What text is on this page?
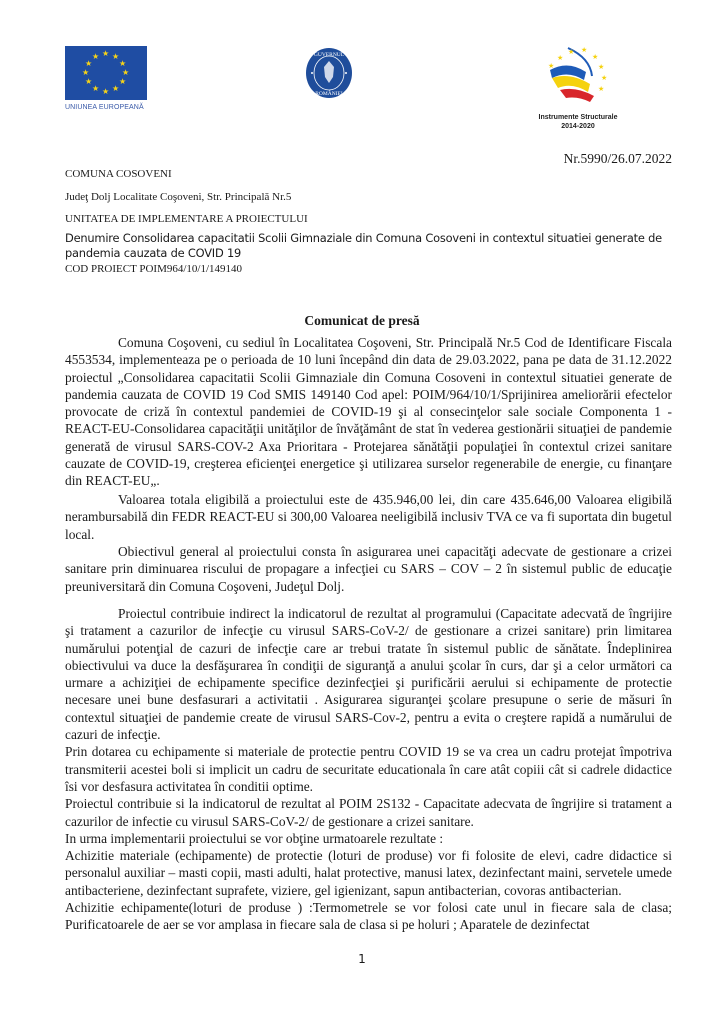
★ ★
★
★
★
★
★
★
★
★
★
★
UNIUNEA EUROPEANĂ
GUVERNUL
ROMÂNIEI
★ ★
★
★
★
★
★
★
Instrumente Structurale
2014-2020
Nr.5990/26.07.2022
COMUNA COSOVENI
Judeţ Dolj Localitate Coşoveni, Str. Principală Nr.5
UNITATEA DE IMPLEMENTARE A PROIECTULUI
Denumire Consolidarea capacitatii Scolii Gimnaziale din Comuna Cosoveni in contextul situatiei generate de pandemia cauzata de COVID 19
COD PROIECT POIM964/10/1/149140
Comunicat de presă

Comuna Coşoveni, cu sediul în Localitatea Coşoveni, Str. Principală Nr.5 Cod de Identificare Fiscala 4553534, implementeaza pe o perioada de 10 luni începând din data de 29.03.2022, pana pe data de 31.12.2022 proiectul „Consolidarea capacitatii Scolii Gimnaziale din Comuna Cosoveni in contextul situatiei generate de pandemia cauzata de COVID 19 Cod SMIS 149140 Cod apel: POIM/964/10/1/Sprijinirea ameliorării efectelor provocate de criză în contextul pandemiei de COVID-19 şi al consecinţelor sale sociale Componenta 1 - REACT-EU-Consolidarea capacităţii unităţilor de învăţământ de stat în vederea gestionării situaţiei de pandemie generată de virusul SARS-COV-2 Axa Prioritara - Protejarea sănătăţii populaţiei în contextul crizei sanitare cauzate de COVID-19, creşterea eficienţei energetice şi utilizarea surselor regenerabile de energie, cu finanţare din REACT-EU„.

Valoarea totala eligibilă a proiectului este de 435.946,00 lei, din care 435.646,00 Valoarea eligibilă nerambursabilă din FEDR REACT-EU si 300,00 Valoarea neeligibilă inclusiv TVA ce va fi suportata din bugetul local.

Obiectivul general al proiectului consta în asigurarea unei capacităţi adecvate de gestionare a crizei sanitare prin diminuarea riscului de propagare a infecţiei cu SARS – COV – 2 în sistemul public de educaţie preuniversitară din Comuna Coşoveni, Judeţul Dolj.

Proiectul contribuie indirect la indicatorul de rezultat al programului (Capacitate adecvată de îngrijire şi tratament a cazurilor de infecţie cu virusul SARS-CoV-2/ de gestionare a crizei sanitare) prin limitarea numărului potenţial de cazuri de infecţie care ar trebui tratate în sistemul public de sănătate. Îndeplinirea obiectivului va duce la desfăşurarea în condiţii de siguranţă a anului şcolar în curs, dar şi a celor următori ca urmare a achiziţiei de echipamente specifice dezinfecţiei şi purificării aerului si echipamente de protectie necesare unei bune desfasurari a activitatii . Asigurarea siguranţei şcolare presupune o serie de măsuri în contextul situaţiei de pandemie create de virusul SARS-Cov-2, pentru a evita o creştere rapidă a numărului de cazuri de infecţie.

Prin dotarea cu echipamente si materiale de protectie pentru COVID 19 se va crea un cadru protejat împotriva transmiterii acestei boli si implicit un cadru de securitate educationala în care atât copiii cât si cadrele didactice îsi vor desfasura activitatea în conditii optime.

Proiectul contribuie si la indicatorul de rezultat al POIM 2S132 - Capacitate adecvata de îngrijire si tratament a cazurilor de infectie cu virusul SARS-CoV-2/ de gestionare a crizei sanitare.

In urma implementarii proiectului se vor obţine urmatoarele rezultate :

Achizitie materiale (echipamente) de protectie (loturi de produse) vor fi folosite de elevi, cadre didactice si personalul auxiliar – masti copii, masti adulti, halat protective, manusi latex, dezinfectant maini, servetele umede antibacteriene, dezinfectant suprafete, viziere, gel igienizant, sapun antibacterian, covoras antibacterian.

Achizitie echipamente(loturi de produse ) :Termometrele se vor folosi cate unul in fiecare sala de clasa; Purificatoarele de aer se vor amplasa in fiecare sala de clasa si pe holuri ; Aparatele de dezinfectat

1
